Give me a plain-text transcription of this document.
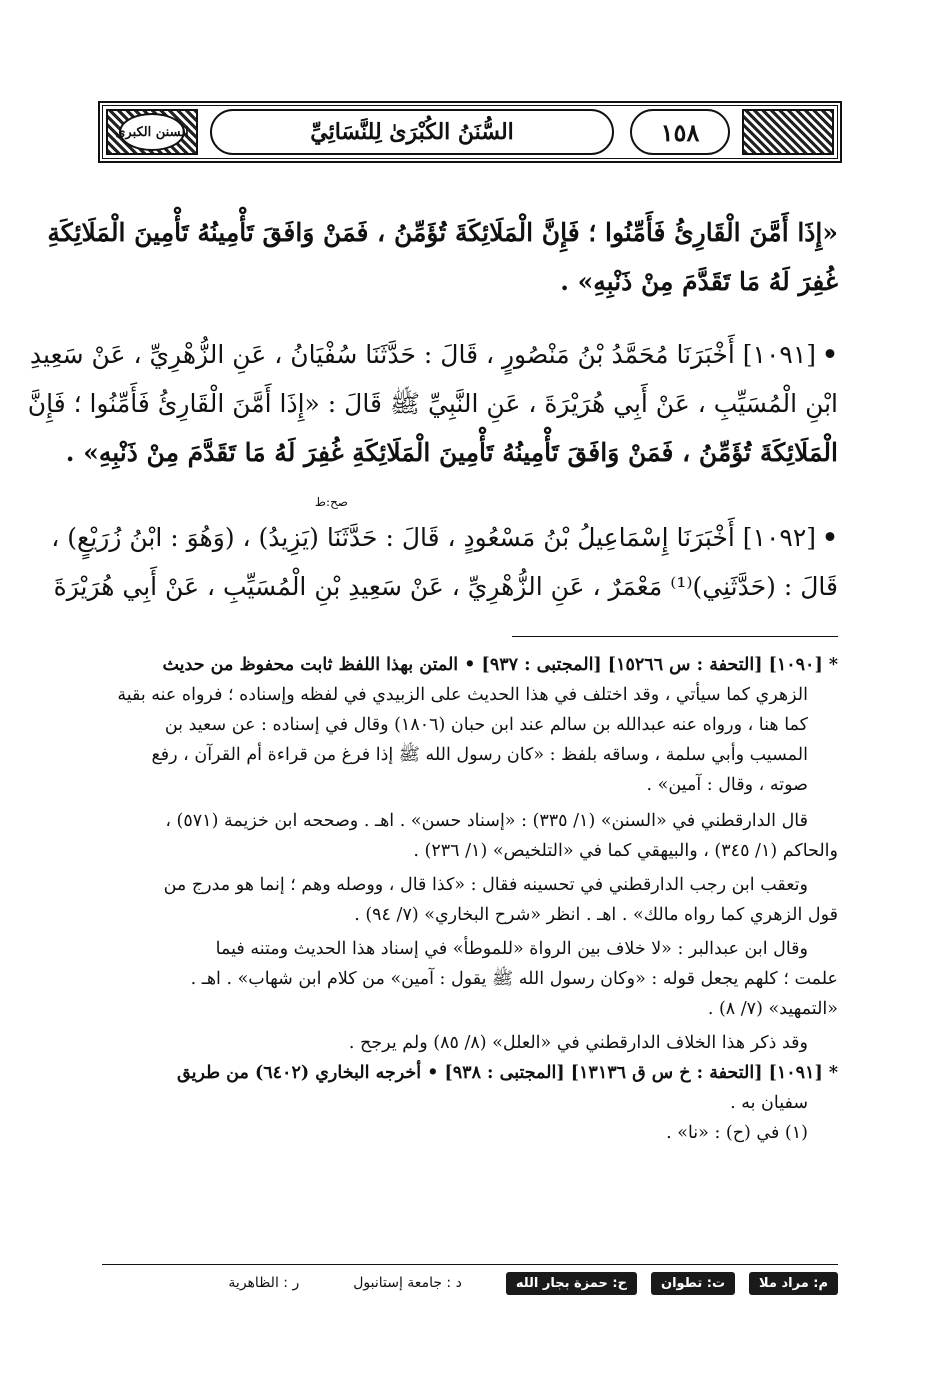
السنن الكبرى	السُّنَنُ الكُبْرَىٰ لِلنَّسَائِيِّ	١٥٨
«إِذَا أَمَّنَ الْقَارِئُ فَأَمِّنُوا ؛ فَإِنَّ الْمَلَائِكَةَ تُؤَمِّنُ ، فَمَنْ وَافَقَ تَأْمِينُهُ تَأْمِينَ الْمَلَائِكَةِ
غُفِرَ لَهُ مَا تَقَدَّمَ مِنْ ذَنْبِهِ» .
•[١٠٩١] أَخْبَرَنَا مُحَمَّدُ بْنُ مَنْصُورٍ ، قَالَ : حَدَّثَنَا سُفْيَانُ ، عَنِ الزُّهْرِيِّ ، عَنْ سَعِيدِ
ابْنِ الْمُسَيِّبِ ، عَنْ أَبِي هُرَيْرَةَ ، عَنِ النَّبِيِّ ﷺ قَالَ : «إِذَا أَمَّنَ الْقَارِئُ فَأَمِّنُوا ؛ فَإِنَّ
الْمَلَائِكَةَ تُؤَمِّنُ ، فَمَنْ وَافَقَ تَأْمِينُهُ تَأْمِينَ الْمَلَائِكَةِ غُفِرَ لَهُ مَا تَقَدَّمَ مِنْ ذَنْبِهِ» .
صح:ط
•[١٠٩٢] أَخْبَرَنَا إِسْمَاعِيلُ بْنُ مَسْعُودٍ ، قَالَ : حَدَّثَنَا (يَزِيدُ) ، (وَهُوَ : ابْنُ زُرَيْعٍ) ،
قَالَ : (حَدَّثَنِي)⁽¹⁾ مَعْمَرٌ ، عَنِ الزُّهْرِيِّ ، عَنْ سَعِيدِ بْنِ الْمُسَيِّبِ ، عَنْ أَبِي هُرَيْرَةَ
* [١٠٩٠] [التحفة : س ١٥٢٦٦] [المجتبى : ٩٣٧] • المتن بهذا اللفظ ثابت محفوظ من حديث
الزهري كما سيأتي ، وقد اختلف في هذا الحديث على الزبيدي في لفظه وإسناده ؛ فرواه عنه بقية
كما هنا ، ورواه عنه عبدالله بن سالم عند ابن حبان (١٨٠٦) وقال في إسناده : عن سعيد بن
المسيب وأبي سلمة ، وساقه بلفظ : «كان رسول الله ﷺ إذا فرغ من قراءة أم القرآن ، رفع
صوته ، وقال : آمين» .
قال الدارقطني في «السنن» (١/ ٣٣٥) : «إسناد حسن» . اهـ . وصححه ابن خزيمة (٥٧١) ،
والحاكم (١/ ٣٤٥) ، والبيهقي كما في «التلخيص» (١/ ٢٣٦) .
وتعقب ابن رجب الدارقطني في تحسينه فقال : «كذا قال ، ووصله وهم ؛ إنما هو مدرج من
قول الزهري كما رواه مالك» . اهـ . انظر «شرح البخاري» (٧/ ٩٤) .
وقال ابن عبدالبر : «لا خلاف بين الرواة «للموطأ» في إسناد هذا الحديث ومتنه فيما
علمت ؛ كلهم يجعل قوله : «وكان رسول الله ﷺ يقول : آمين» من كلام ابن شهاب» . اهـ .
«التمهيد» (٧/ ٨) .
وقد ذكر هذا الخلاف الدارقطني في «العلل» (٨/ ٨٥) ولم يرجح .
* [١٠٩١] [التحفة : خ س ق ١٣١٣٦] [المجتبى : ٩٣٨] • أخرجه البخاري (٦٤٠٢) من طريق
سفيان به .
(١) في (ح) : «نا» .
م: مراد ملا
ت: تطوان
ح: حمزة بجار الله
د : جامعة إستانبول
ر : الظاهرية
